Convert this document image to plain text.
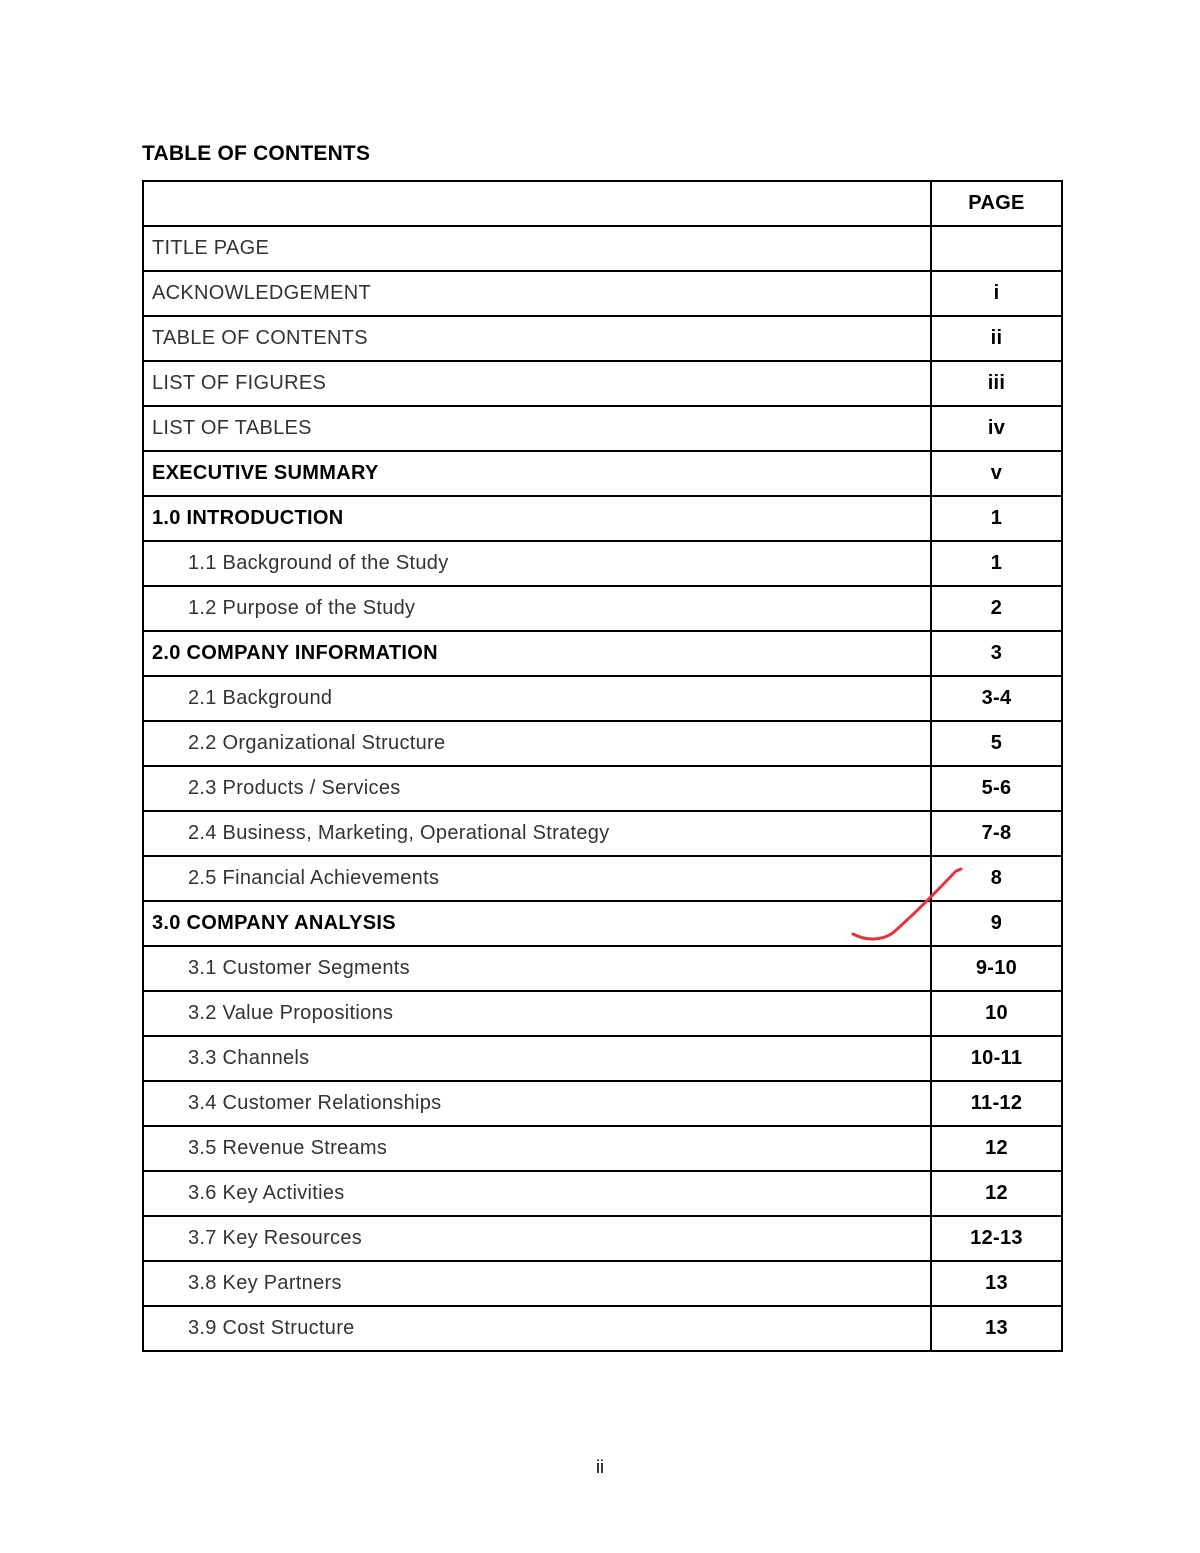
TABLE OF CONTENTS
	PAGE
TITLE PAGE	
ACKNOWLEDGEMENT	i
TABLE OF CONTENTS	ii
LIST OF FIGURES	iii
LIST OF TABLES	iv
EXECUTIVE SUMMARY	v
1.0 INTRODUCTION	1
1.1 Background of the Study	1
1.2 Purpose of the Study	2
2.0 COMPANY INFORMATION	3
2.1 Background	3-4
2.2 Organizational Structure	5
2.3 Products / Services	5-6
2.4 Business, Marketing, Operational Strategy	7-8
2.5 Financial Achievements	8
3.0 COMPANY ANALYSIS	9
3.1 Customer Segments	9-10
3.2 Value Propositions	10
3.3 Channels	10-11
3.4 Customer Relationships	11-12
3.5 Revenue Streams	12
3.6 Key Activities	12
3.7 Key Resources	12-13
3.8 Key Partners	13
3.9 Cost Structure	13
ii
